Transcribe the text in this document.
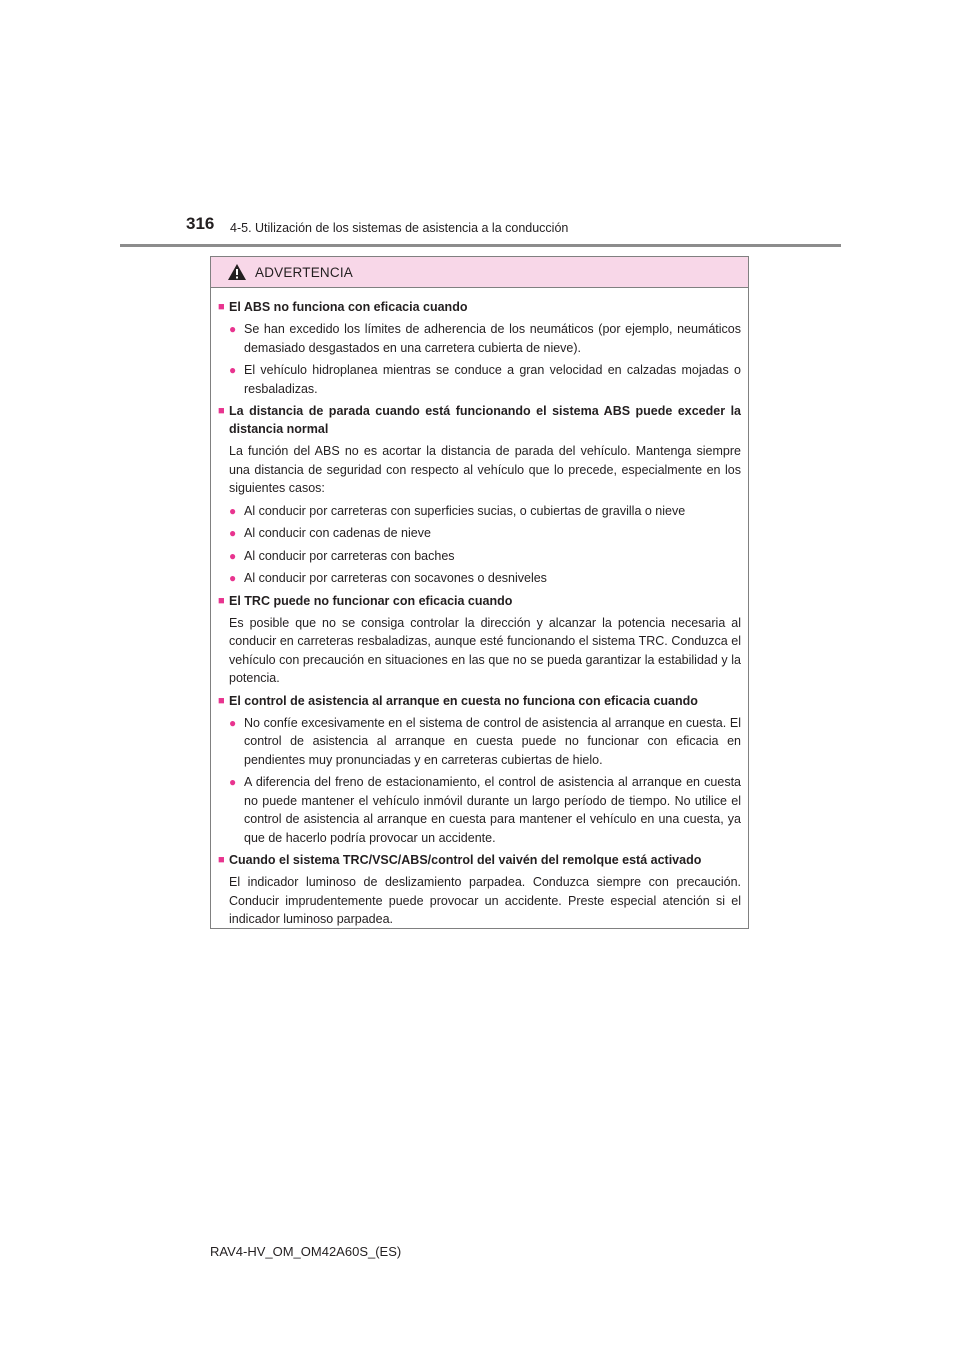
316 4-5. Utilización de los sistemas de asistencia a la conducción
ADVERTENCIA
■ El ABS no funciona con eficacia cuando
● Se han excedido los límites de adherencia de los neumáticos (por ejemplo, neumáticos demasiado desgastados en una carretera cubierta de nieve).
● El vehículo hidroplanea mientras se conduce a gran velocidad en calzadas mojadas o resbaladizas.
■ La distancia de parada cuando está funcionando el sistema ABS puede exceder la distancia normal
La función del ABS no es acortar la distancia de parada del vehículo. Mantenga siempre una distancia de seguridad con respecto al vehículo que lo precede, especialmente en los siguientes casos:
● Al conducir por carreteras con superficies sucias, o cubiertas de gravilla o nieve
● Al conducir con cadenas de nieve
● Al conducir por carreteras con baches
● Al conducir por carreteras con socavones o desniveles
■ El TRC puede no funcionar con eficacia cuando
Es posible que no se consiga controlar la dirección y alcanzar la potencia necesaria al conducir en carreteras resbaladizas, aunque esté funcionando el sistema TRC. Conduzca el vehículo con precaución en situaciones en las que no se pueda garantizar la estabilidad y la potencia.
■ El control de asistencia al arranque en cuesta no funciona con eficacia cuando
● No confíe excesivamente en el sistema de control de asistencia al arranque en cuesta. El control de asistencia al arranque en cuesta puede no funcionar con eficacia en pendientes muy pronunciadas y en carreteras cubiertas de hielo.
● A diferencia del freno de estacionamiento, el control de asistencia al arranque en cuesta no puede mantener el vehículo inmóvil durante un largo período de tiempo. No utilice el control de asistencia al arranque en cuesta para mantener el vehículo en una cuesta, ya que de hacerlo podría provocar un accidente.
■ Cuando el sistema TRC/VSC/ABS/control del vaivén del remolque está activado
El indicador luminoso de deslizamiento parpadea. Conduzca siempre con precaución. Conducir imprudentemente puede provocar un accidente. Preste especial atención si el indicador luminoso parpadea.
RAV4-HV_OM_OM42A60S_(ES)
